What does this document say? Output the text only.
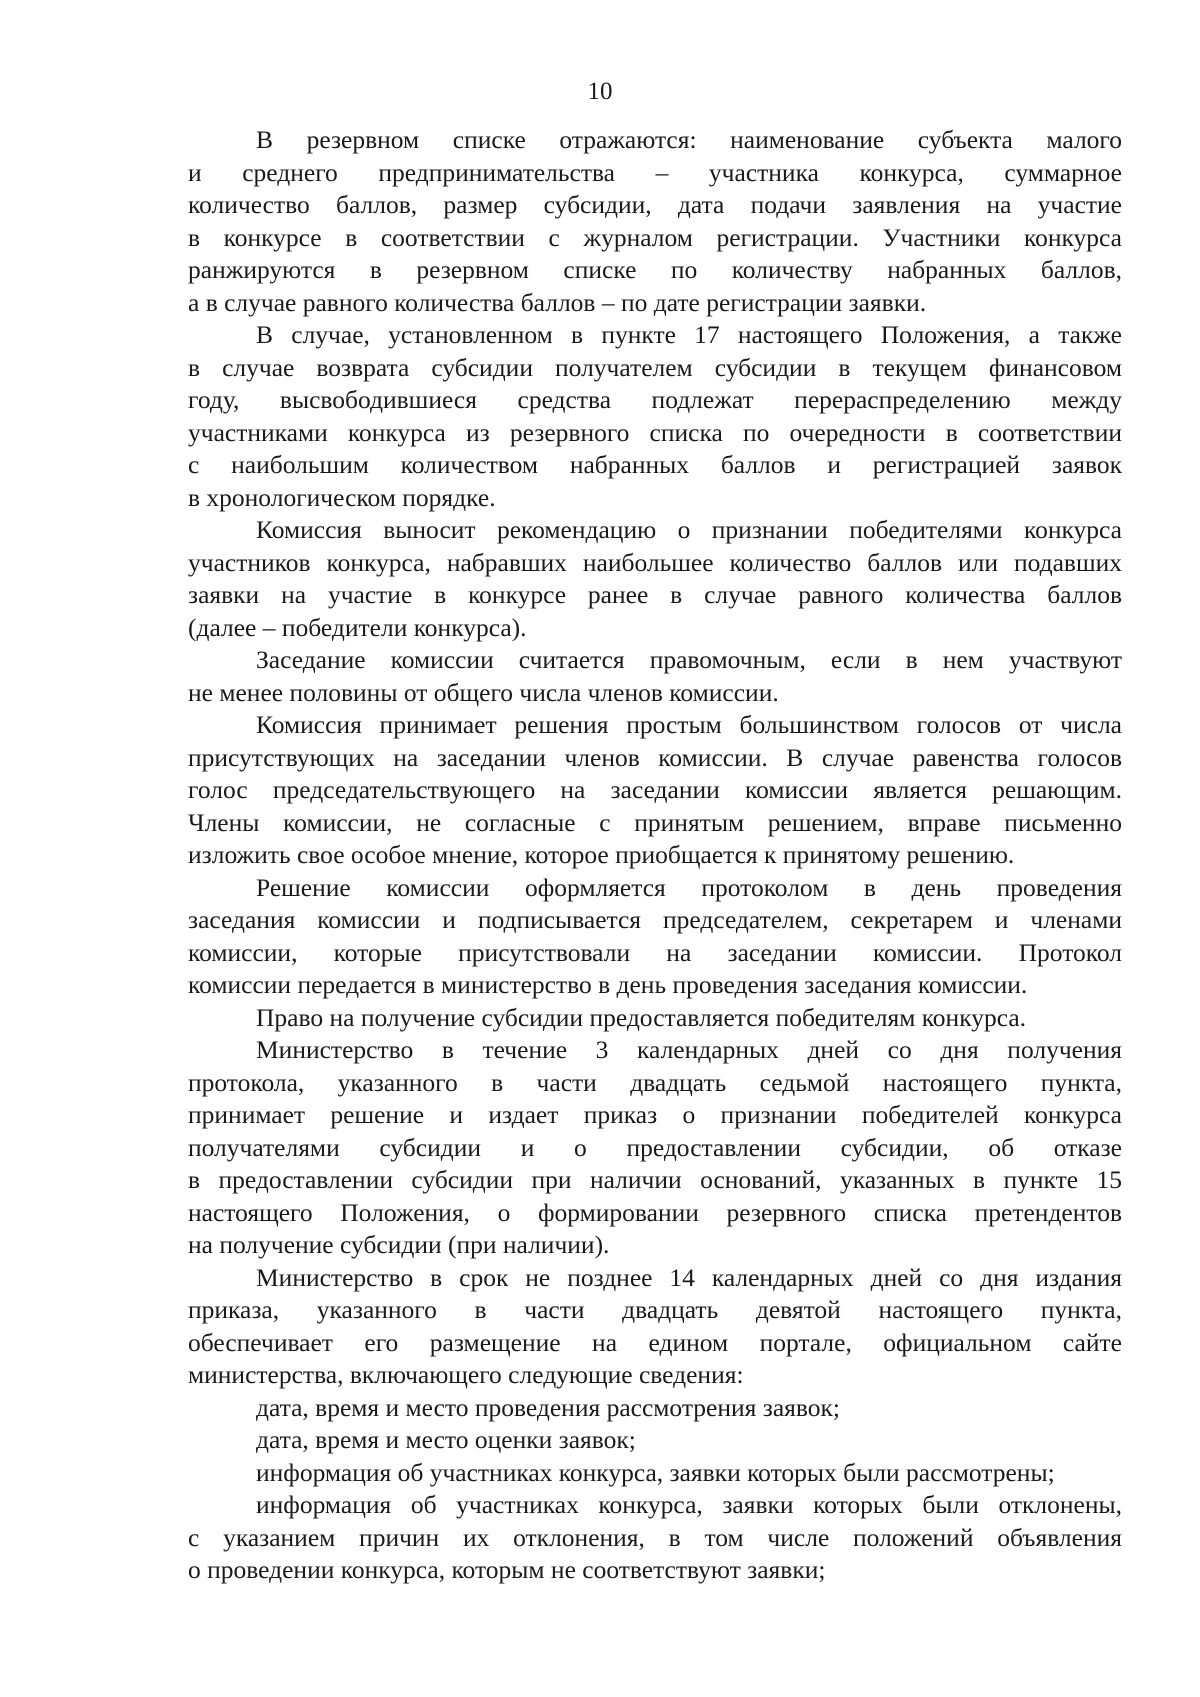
10
В резервном списке отражаются: наименование субъекта малого
и среднего предпринимательства – участника конкурса, суммарное
количество баллов, размер субсидии, дата подачи заявления на участие
в конкурсе в соответствии с журналом регистрации. Участники конкурса
ранжируются в резервном списке по количеству набранных баллов,
а в случае равного количества баллов – по дате регистрации заявки.
В случае, установленном в пункте 17 настоящего Положения, а также
в случае возврата субсидии получателем субсидии в текущем финансовом
году, высвободившиеся средства подлежат перераспределению между
участниками конкурса из резервного списка по очередности в соответствии
с наибольшим количеством набранных баллов и регистрацией заявок
в хронологическом порядке.
Комиссия выносит рекомендацию о признании победителями конкурса
участников конкурса, набравших наибольшее количество баллов или подавших
заявки на участие в конкурсе ранее в случае равного количества баллов
(далее – победители конкурса).
Заседание комиссии считается правомочным, если в нем участвуют
не менее половины от общего числа членов комиссии.
Комиссия принимает решения простым большинством голосов от числа
присутствующих на заседании членов комиссии. В случае равенства голосов
голос председательствующего на заседании комиссии является решающим.
Члены комиссии, не согласные с принятым решением, вправе письменно
изложить свое особое мнение, которое приобщается к принятому решению.
Решение комиссии оформляется протоколом в день проведения
заседания комиссии и подписывается председателем, секретарем и членами
комиссии, которые присутствовали на заседании комиссии. Протокол
комиссии передается в министерство в день проведения заседания комиссии.
Право на получение субсидии предоставляется победителям конкурса.
Министерство в течение 3 календарных дней со дня получения
протокола, указанного в части двадцать седьмой настоящего пункта,
принимает решение и издает приказ о признании победителей конкурса
получателями субсидии и о предоставлении субсидии, об отказе
в предоставлении субсидии при наличии оснований, указанных в пункте 15
настоящего Положения, о формировании резервного списка претендентов
на получение субсидии (при наличии).
Министерство в срок не позднее 14 календарных дней со дня издания
приказа, указанного в части двадцать девятой настоящего пункта,
обеспечивает его размещение на едином портале, официальном сайте
министерства, включающего следующие сведения:
дата, время и место проведения рассмотрения заявок;
дата, время и место оценки заявок;
информация об участниках конкурса, заявки которых были рассмотрены;
информация об участниках конкурса, заявки которых были отклонены,
с указанием причин их отклонения, в том числе положений объявления
о проведении конкурса, которым не соответствуют заявки;
